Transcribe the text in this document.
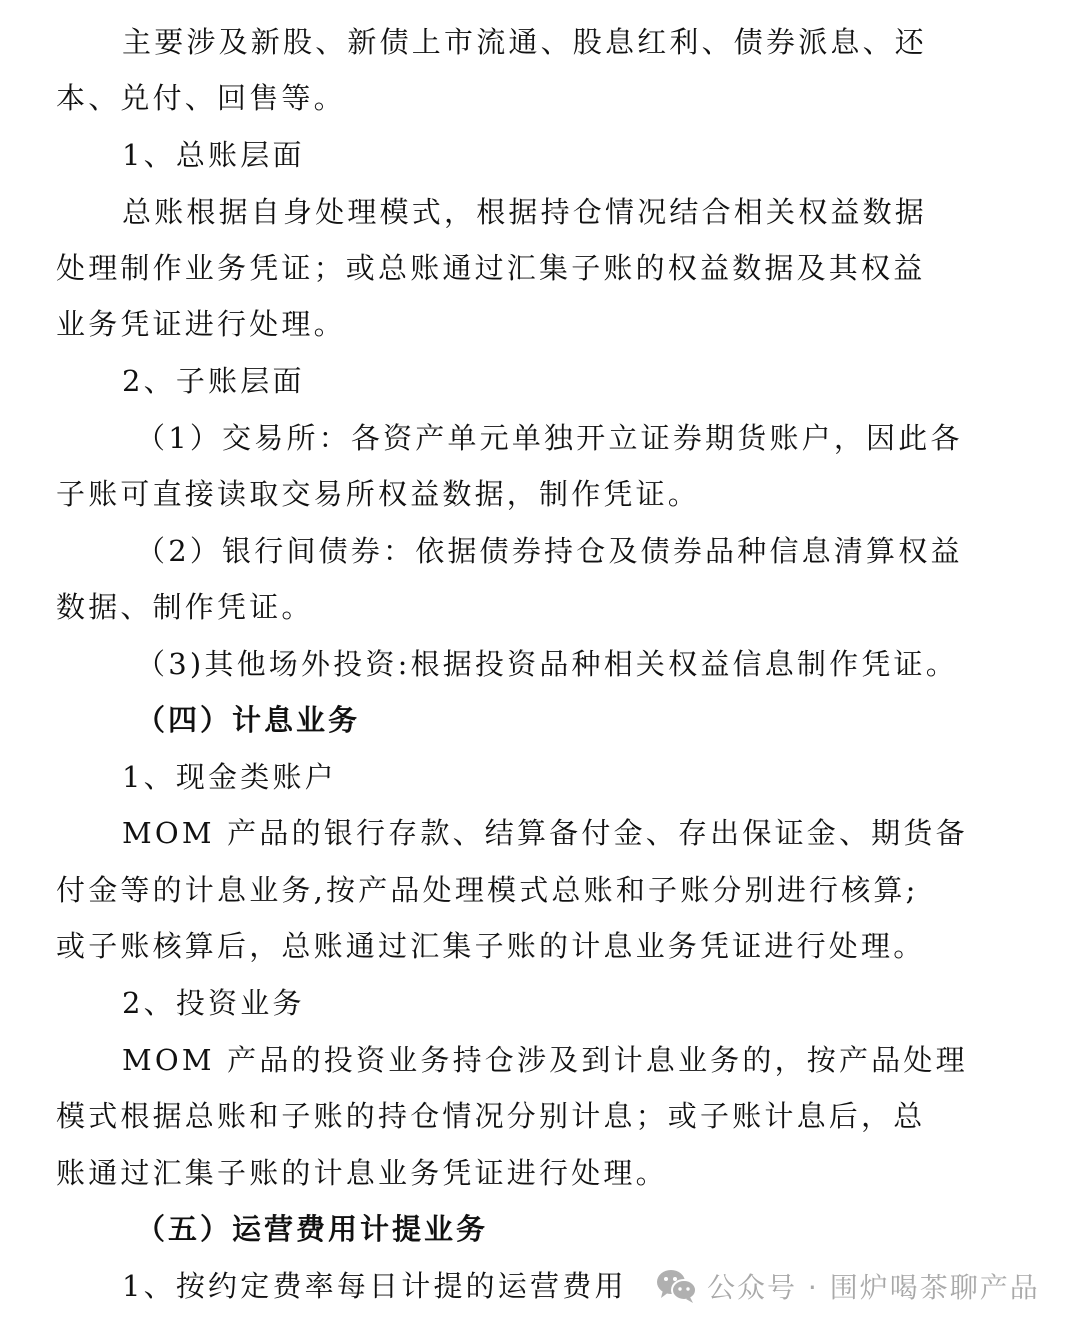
主要涉及新股、新债上市流通、股息红利、债券派息、还
本、兑付、回售等。
1、总账层面
总账根据自身处理模式，根据持仓情况结合相关权益数据
处理制作业务凭证；或总账通过汇集子账的权益数据及其权益
业务凭证进行处理。
2、子账层面
（1）交易所：各资产单元单独开立证券期货账户，因此各
子账可直接读取交易所权益数据，制作凭证。
（2）银行间债券：依据债券持仓及债券品种信息清算权益
数据、制作凭证。
（3)其他场外投资:根据投资品种相关权益信息制作凭证。
（四）计息业务
1、现金类账户
MOM 产品的银行存款、结算备付金、存出保证金、期货备
付金等的计息业务,按产品处理模式总账和子账分别进行核算;
或子账核算后，总账通过汇集子账的计息业务凭证进行处理。
2、投资业务
MOM 产品的投资业务持仓涉及到计息业务的，按产品处理
模式根据总账和子账的持仓情况分别计息；或子账计息后，总
账通过汇集子账的计息业务凭证进行处理。
（五）运营费用计提业务
1、按约定费率每日计提的运营费用	公众号 · 围炉喝茶聊产品
